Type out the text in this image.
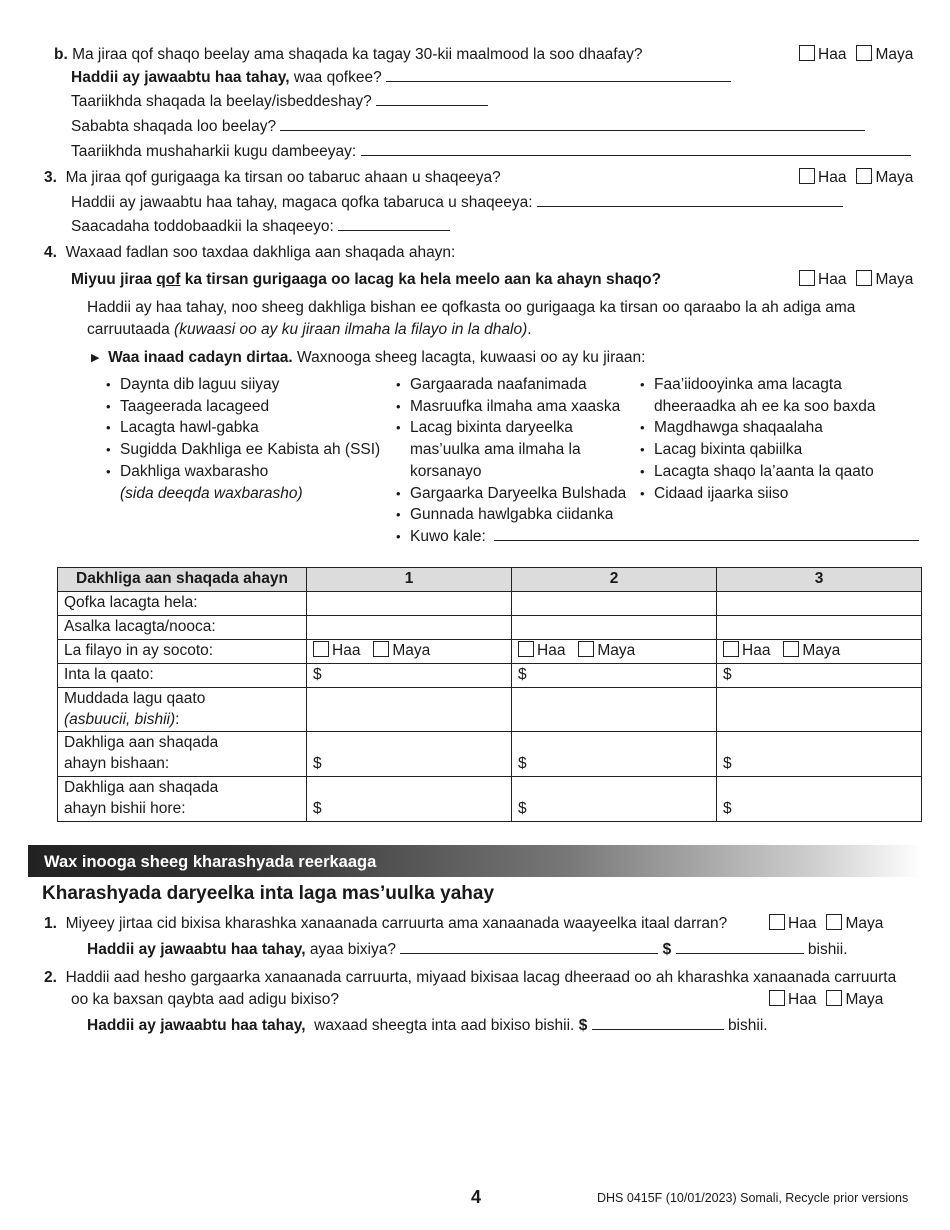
b. Ma jiraa qof shaqo beelay ama shaqada ka tagay 30-kii maalmood la soo dhaafay?	Haa Maya
Haddii ay jawaabtu haa tahay, waa qofkee?
Taariikhda shaqada la beelay/isbeddeshay?
Sababta shaqada loo beelay?
Taariikhda mushaharkii kugu dambeeyay:
3. Ma jiraa qof gurigaaga ka tirsan oo tabaruc ahaan u shaqeeya?	Haa Maya
Haddii ay jawaabtu haa tahay, magaca qofka tabaruca u shaqeeya:
Saacadaha toddobaadkii la shaqeeyo:
4. Waxaad fadlan soo taxdaa dakhliga aan shaqada ahayn:
Miyuu jiraa qof ka tirsan gurigaaga oo lacag ka hela meelo aan ka ahayn shaqo?	Haa Maya
Haddii ay haa tahay, noo sheeg dakhliga bishan ee qofkasta oo gurigaaga ka tirsan oo qaraabo la ah adiga ama
carruutaada (kuwaasi oo ay ku jiraan ilmaha la filayo in la dhalo).
▶ Waa inaad cadayn dirtaa. Waxnooga sheeg lacagta, kuwaasi oo ay ku jiraan:
• Daynta dib laguu siiyay
• Taageerada lacageed
• Lacagta hawl-gabka
• Sugidda Dakhliga ee Kabista ah (SSI)
• Dakhliga waxbarasho
(sida deeqda waxbarasho)
• Gargaarada naafanimada
• Masruufka ilmaha ama xaaska
• Lacag bixinta daryeelka
mas’uulka ama ilmaha la
korsanayo
• Gargaarka Daryeelka Bulshada
• Gunnada hawlgabka ciidanka
• Kuwo kale:
• Faa’iidooyinka ama lacagta
dheeraadka ah ee ka soo baxda
• Magdhawga shaqaalaha
• Lacag bixinta qabiilka
• Lacagta shaqo la’aanta la qaato
• Cidaad ijaarka siiso
Dakhliga aan shaqada ahayn	1	2	3
Qofka lacagta hela:			
Asalka lacagta/nooca:			
La filayo in ay socoto:	Haa Maya	Haa Maya	Haa Maya
Inta la qaato:	$	$	$
Muddada lagu qaato
(asbuucii, bishii):			
Dakhliga aan shaqada
ahayn bishaan:	$	$	$
Dakhliga aan shaqada
ahayn bishii hore:	$	$	$
Wax inooga sheeg kharashyada reerkaaga
Kharashyada daryeelka inta laga mas’uulka yahay
1. Miyeey jirtaa cid bixisa kharashka xanaanada carruurta ama xanaanada waayeelka itaal darran?	Haa Maya
Haddii ay jawaabtu haa tahay, ayaa bixiya?	$	bishii.
2. Haddii aad hesho gargaarka xanaanada carruurta, miyaad bixisaa lacag dheeraad oo ah kharashka xanaanada carruurta
oo ka baxsan qaybta aad adigu bixiso?	Haa Maya
Haddii ay jawaabtu haa tahay, waxaad sheegta inta aad bixiso bishii. $	bishii.
4	DHS 0415F (10/01/2023) Somali, Recycle prior versions
